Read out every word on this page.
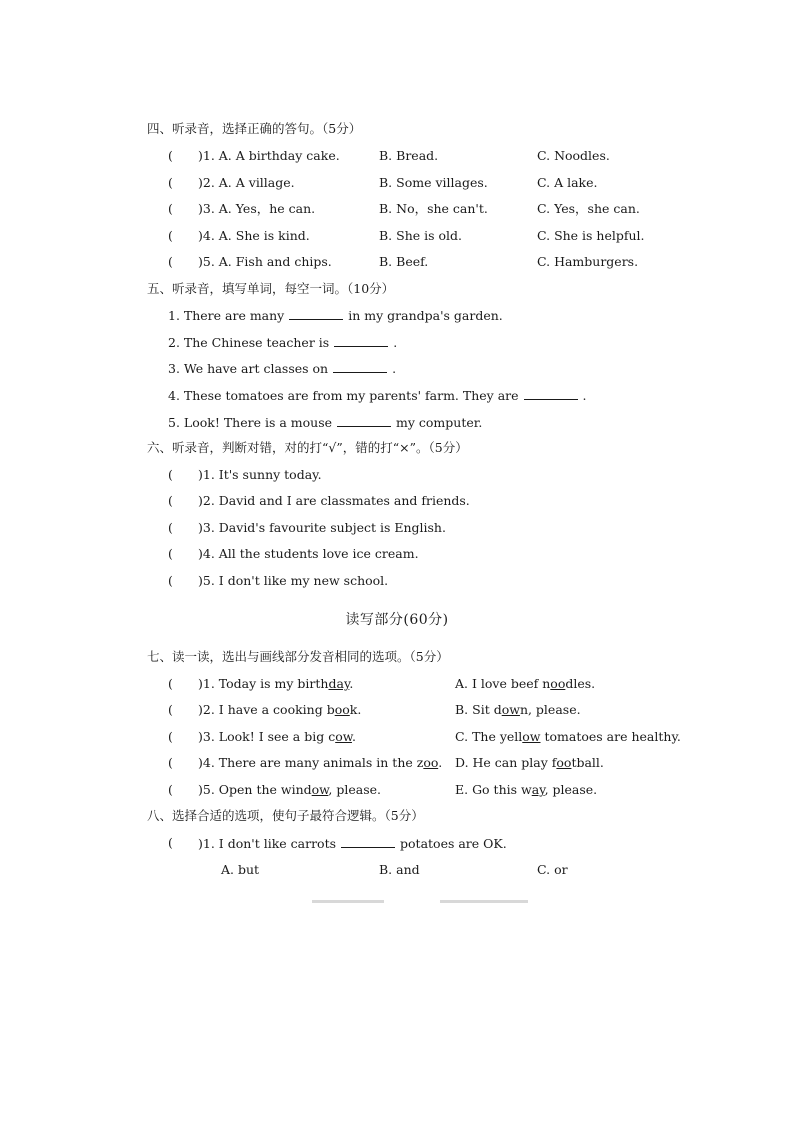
四、听录音，选择正确的答句。（5分）
( )1. A. A birthday cake.	B. Bread.	C. Noodles.
( )2. A. A village.	B. Some villages.	C. A lake.
( )3. A. Yes，he can.	B. No，she can't.	C. Yes，she can.
( )4. A. She is kind.	B. She is old.	C. She is helpful.
( )5. A. Fish and chips.	B. Beef.	C. Hamburgers.
五、听录音，填写单词，每空一词。（10分）
1. There are many	in my grandpa's garden.
2. The Chinese teacher is	.
3. We have art classes on	.
4. These tomatoes are from my parents' farm. They are	.
5. Look! There is a mouse	my computer.
六、听录音，判断对错，对的打“√”，错的打“×”。（5分）
( )1. It's sunny today.
( )2. David and I are classmates and friends.
( )3. David's favourite subject is English.
( )4. All the students love ice cream.
( )5. I don't like my new school.
读写部分(60分)
七、读一读，选出与画线部分发音相同的选项。（5分）
( )1. Today is my birthday.	A. I love beef noodles.
( )2. I have a cooking book.	B. Sit down, please.
( )3. Look! I see a big cow.	C. The yellow tomatoes are healthy.
( )4. There are many animals in the zoo. D. He can play football.
( )5. Open the window, please.	E. Go this way, please.
八、选择合适的选项，使句子最符合逻辑。（5分）
( )1. I don't like carrots	potatoes are OK.
A. but	B. and	C. or
